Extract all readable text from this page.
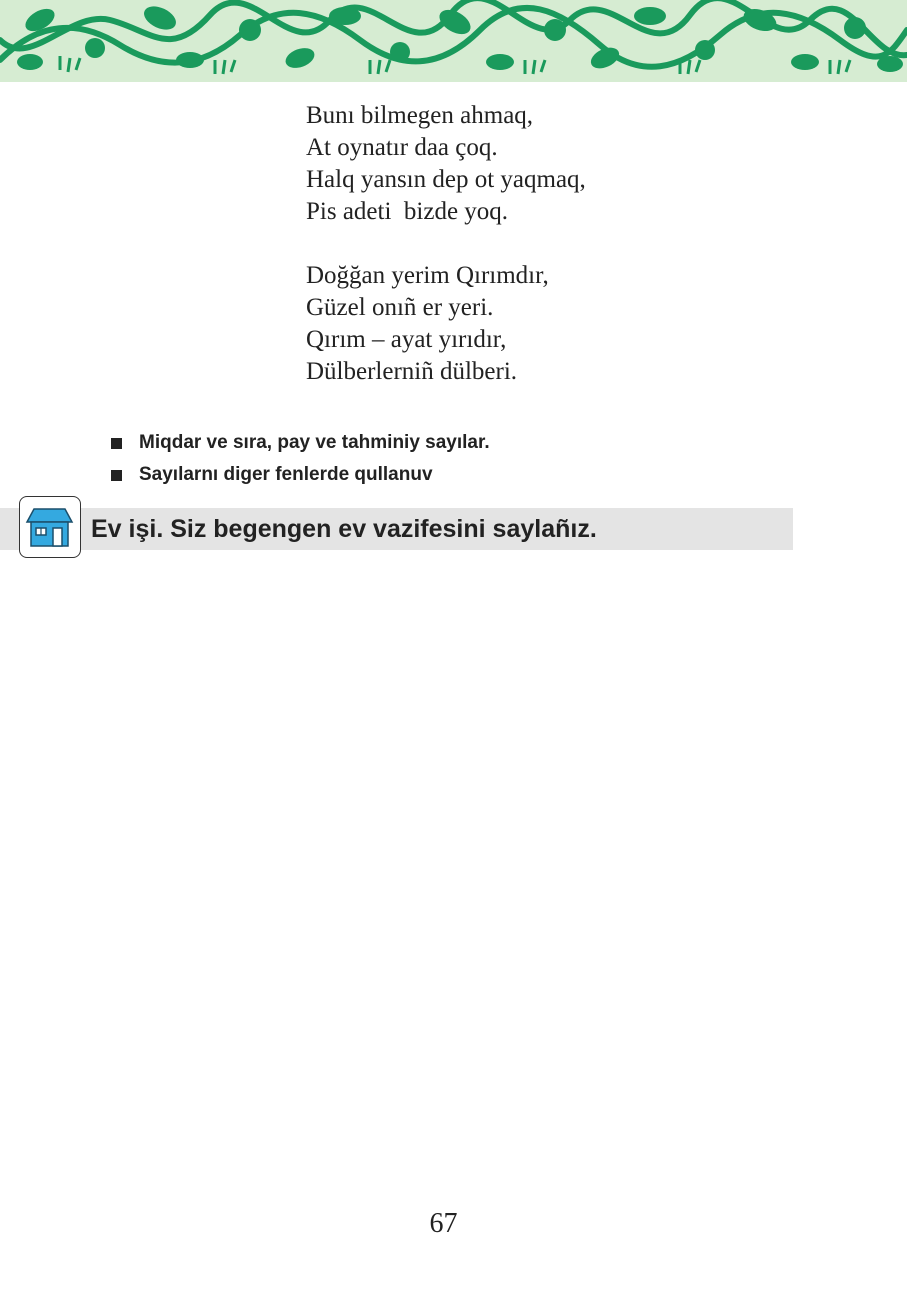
Bunı bilmegen ahmaq,
At oynatır daa çoq.
Halq yansın dep ot yaqmaq,
Pis adeti  bizde yoq.
Doğğan yerim Qırımdır,
Güzel onıñ er yeri.
Qırım – ayat yırıdır,
Dülberlerniñ dülberi.
Miqdar ve sıra, pay ve tahminiy sayılar.
Sayılarnı diger fenlerde qullanuv
Ev işi. Siz begengen ev vazifesini saylañız.
67
